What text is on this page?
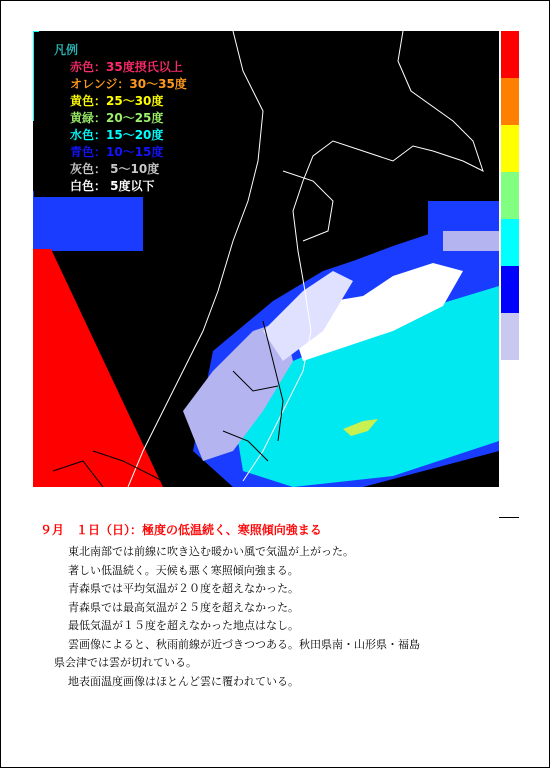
凡例
赤色：35度摂氏以上
オレンジ：30～35度
黄色：25～30度
黄緑：20～25度
水色：15～20度
青色：10～15度
灰色： 5～10度
白色： 5度以下
９月　１日（日）：極度の低温続く、寒照傾向強まる
東北南部では前線に吹き込む暖かい風で気温が上がった。
著しい低温続く。天候も悪く寒照傾向強まる。
青森県では平均気温が２０度を超えなかった。
青森県では最高気温が２５度を超えなかった。
最低気温が１５度を超えなかった地点はなし。
雲画像によると、秋雨前線が近づきつつある。秋田県南・山形県・福島
県会津では雲が切れている。
地表面温度画像はほとんど雲に覆われている。
